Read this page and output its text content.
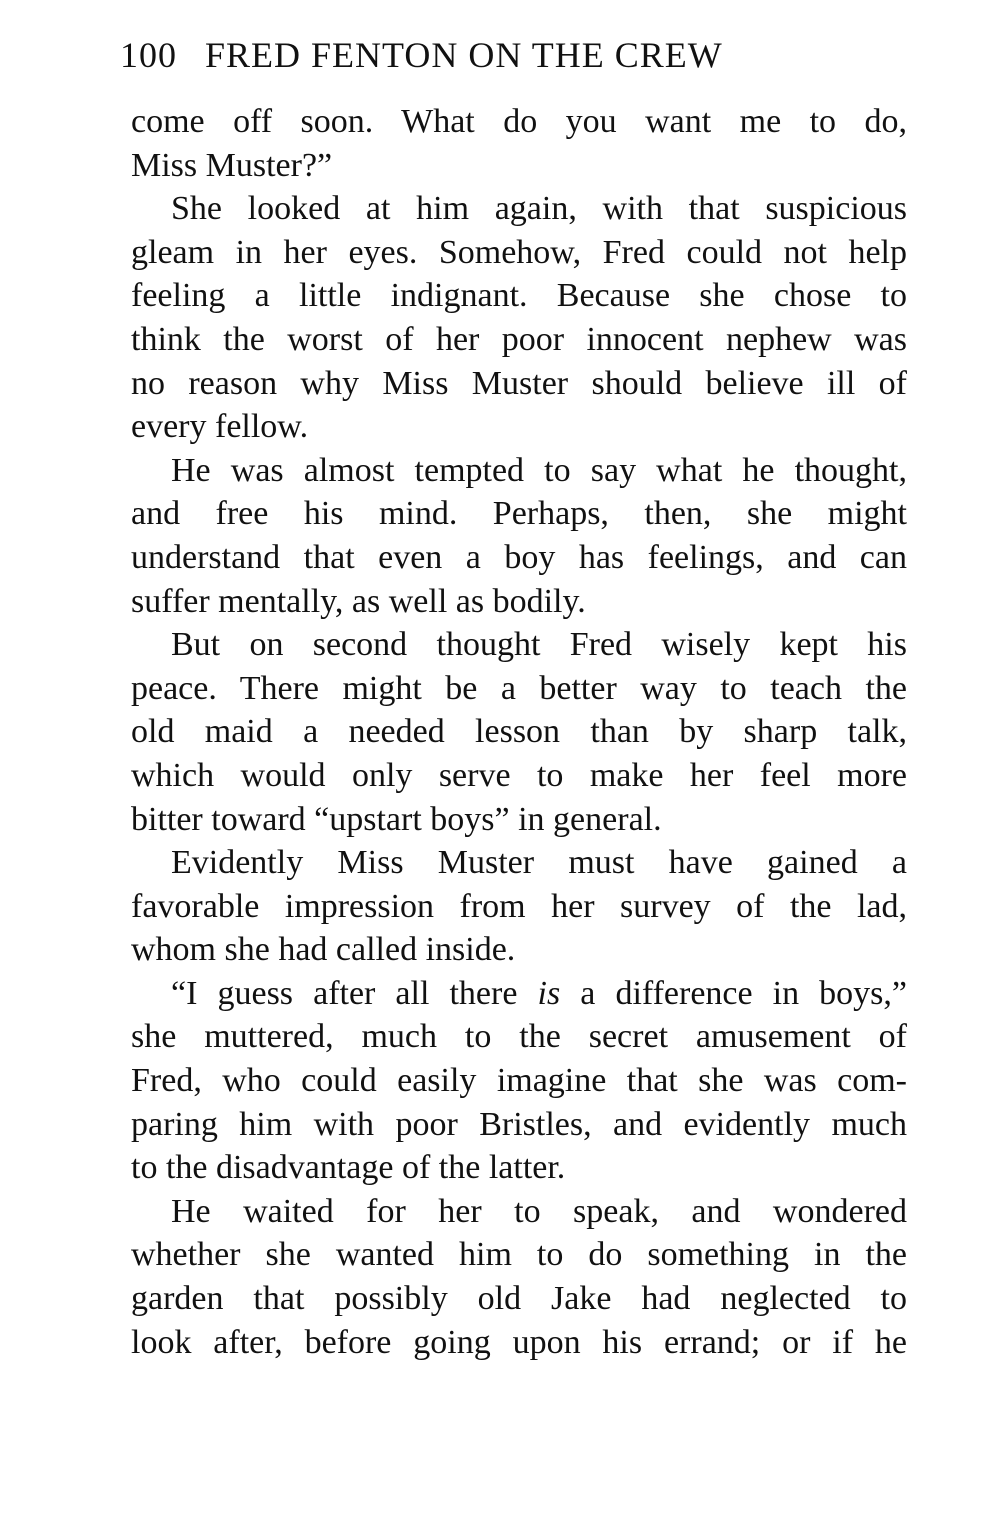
100 FRED FENTON ON THE CREW
come off soon. What do you want me to do,
Miss Muster?”
She looked at him again, with that suspicious
gleam in her eyes. Somehow, Fred could not help
feeling a little indignant. Because she chose to
think the worst of her poor innocent nephew was
no reason why Miss Muster should believe ill of
every fellow.
He was almost tempted to say what he thought,
and free his mind. Perhaps, then, she might
understand that even a boy has feelings, and can
suffer mentally, as well as bodily.
But on second thought Fred wisely kept his
peace. There might be a better way to teach the
old maid a needed lesson than by sharp talk,
which would only serve to make her feel more
bitter toward “upstart boys” in general.
Evidently Miss Muster must have gained a
favorable impression from her survey of the lad,
whom she had called inside.
“I guess after all there is a difference in boys,”
she muttered, much to the secret amusement of
Fred, who could easily imagine that she was com-
paring him with poor Bristles, and evidently much
to the disadvantage of the latter.
He waited for her to speak, and wondered
whether she wanted him to do something in the
garden that possibly old Jake had neglected to
look after, before going upon his errand; or if he
